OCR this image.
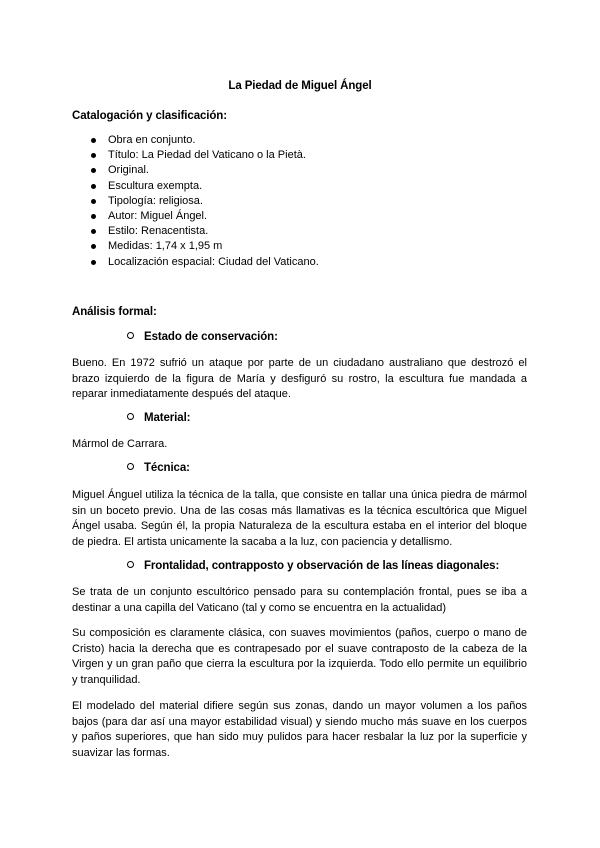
La Piedad de Miguel Ángel
Catalogación y clasificación:
Obra en conjunto.
Título: La Piedad del Vaticano o la Pietà.
Original.
Escultura exempta.
Tipología: religiosa.
Autor: Miguel Ángel.
Estilo: Renacentista.
Medidas: 1,74 x 1,95 m
Localización espacial: Ciudad del Vaticano.
Análisis formal:
Estado de conservación:

Bueno. En 1972 sufrió un ataque por parte de un ciudadano australiano que destrozó el brazo izquierdo de la figura de María y desfiguró su rostro, la escultura fue mandada a reparar inmediatamente después del ataque.

Material:

Mármol de Carrara.

Técnica:

Miguel Ánguel utiliza la técnica de la talla, que consiste en tallar una única piedra de mármol sin un boceto previo. Una de las cosas más llamativas es la técnica escultórica que Miguel Ángel usaba. Según él, la propia Naturaleza de la escultura estaba en el interior del bloque de piedra. El artista unicamente la sacaba a la luz, con paciencia y detallismo.

Frontalidad, contrapposto y observación de las líneas diagonales:

Se trata de un conjunto escultórico pensado para su contemplación frontal, pues se iba a destinar a una capilla del Vaticano (tal y como se encuentra en la actualidad)

Su composición es claramente clásica, con suaves movimientos (paños, cuerpo o mano de Cristo) hacia la derecha que es contrapesado por el suave contraposto de la cabeza de la Virgen y un gran paño que cierra la escultura por la izquierda. Todo ello permite un equilibrio y tranquilidad.

El modelado del material difiere según sus zonas, dando un mayor volumen a los paños bajos (para dar así una mayor estabilidad visual) y siendo mucho más suave en los cuerpos y paños superiores, que han sido muy pulidos para hacer resbalar la luz por la superficie y suavizar las formas.
